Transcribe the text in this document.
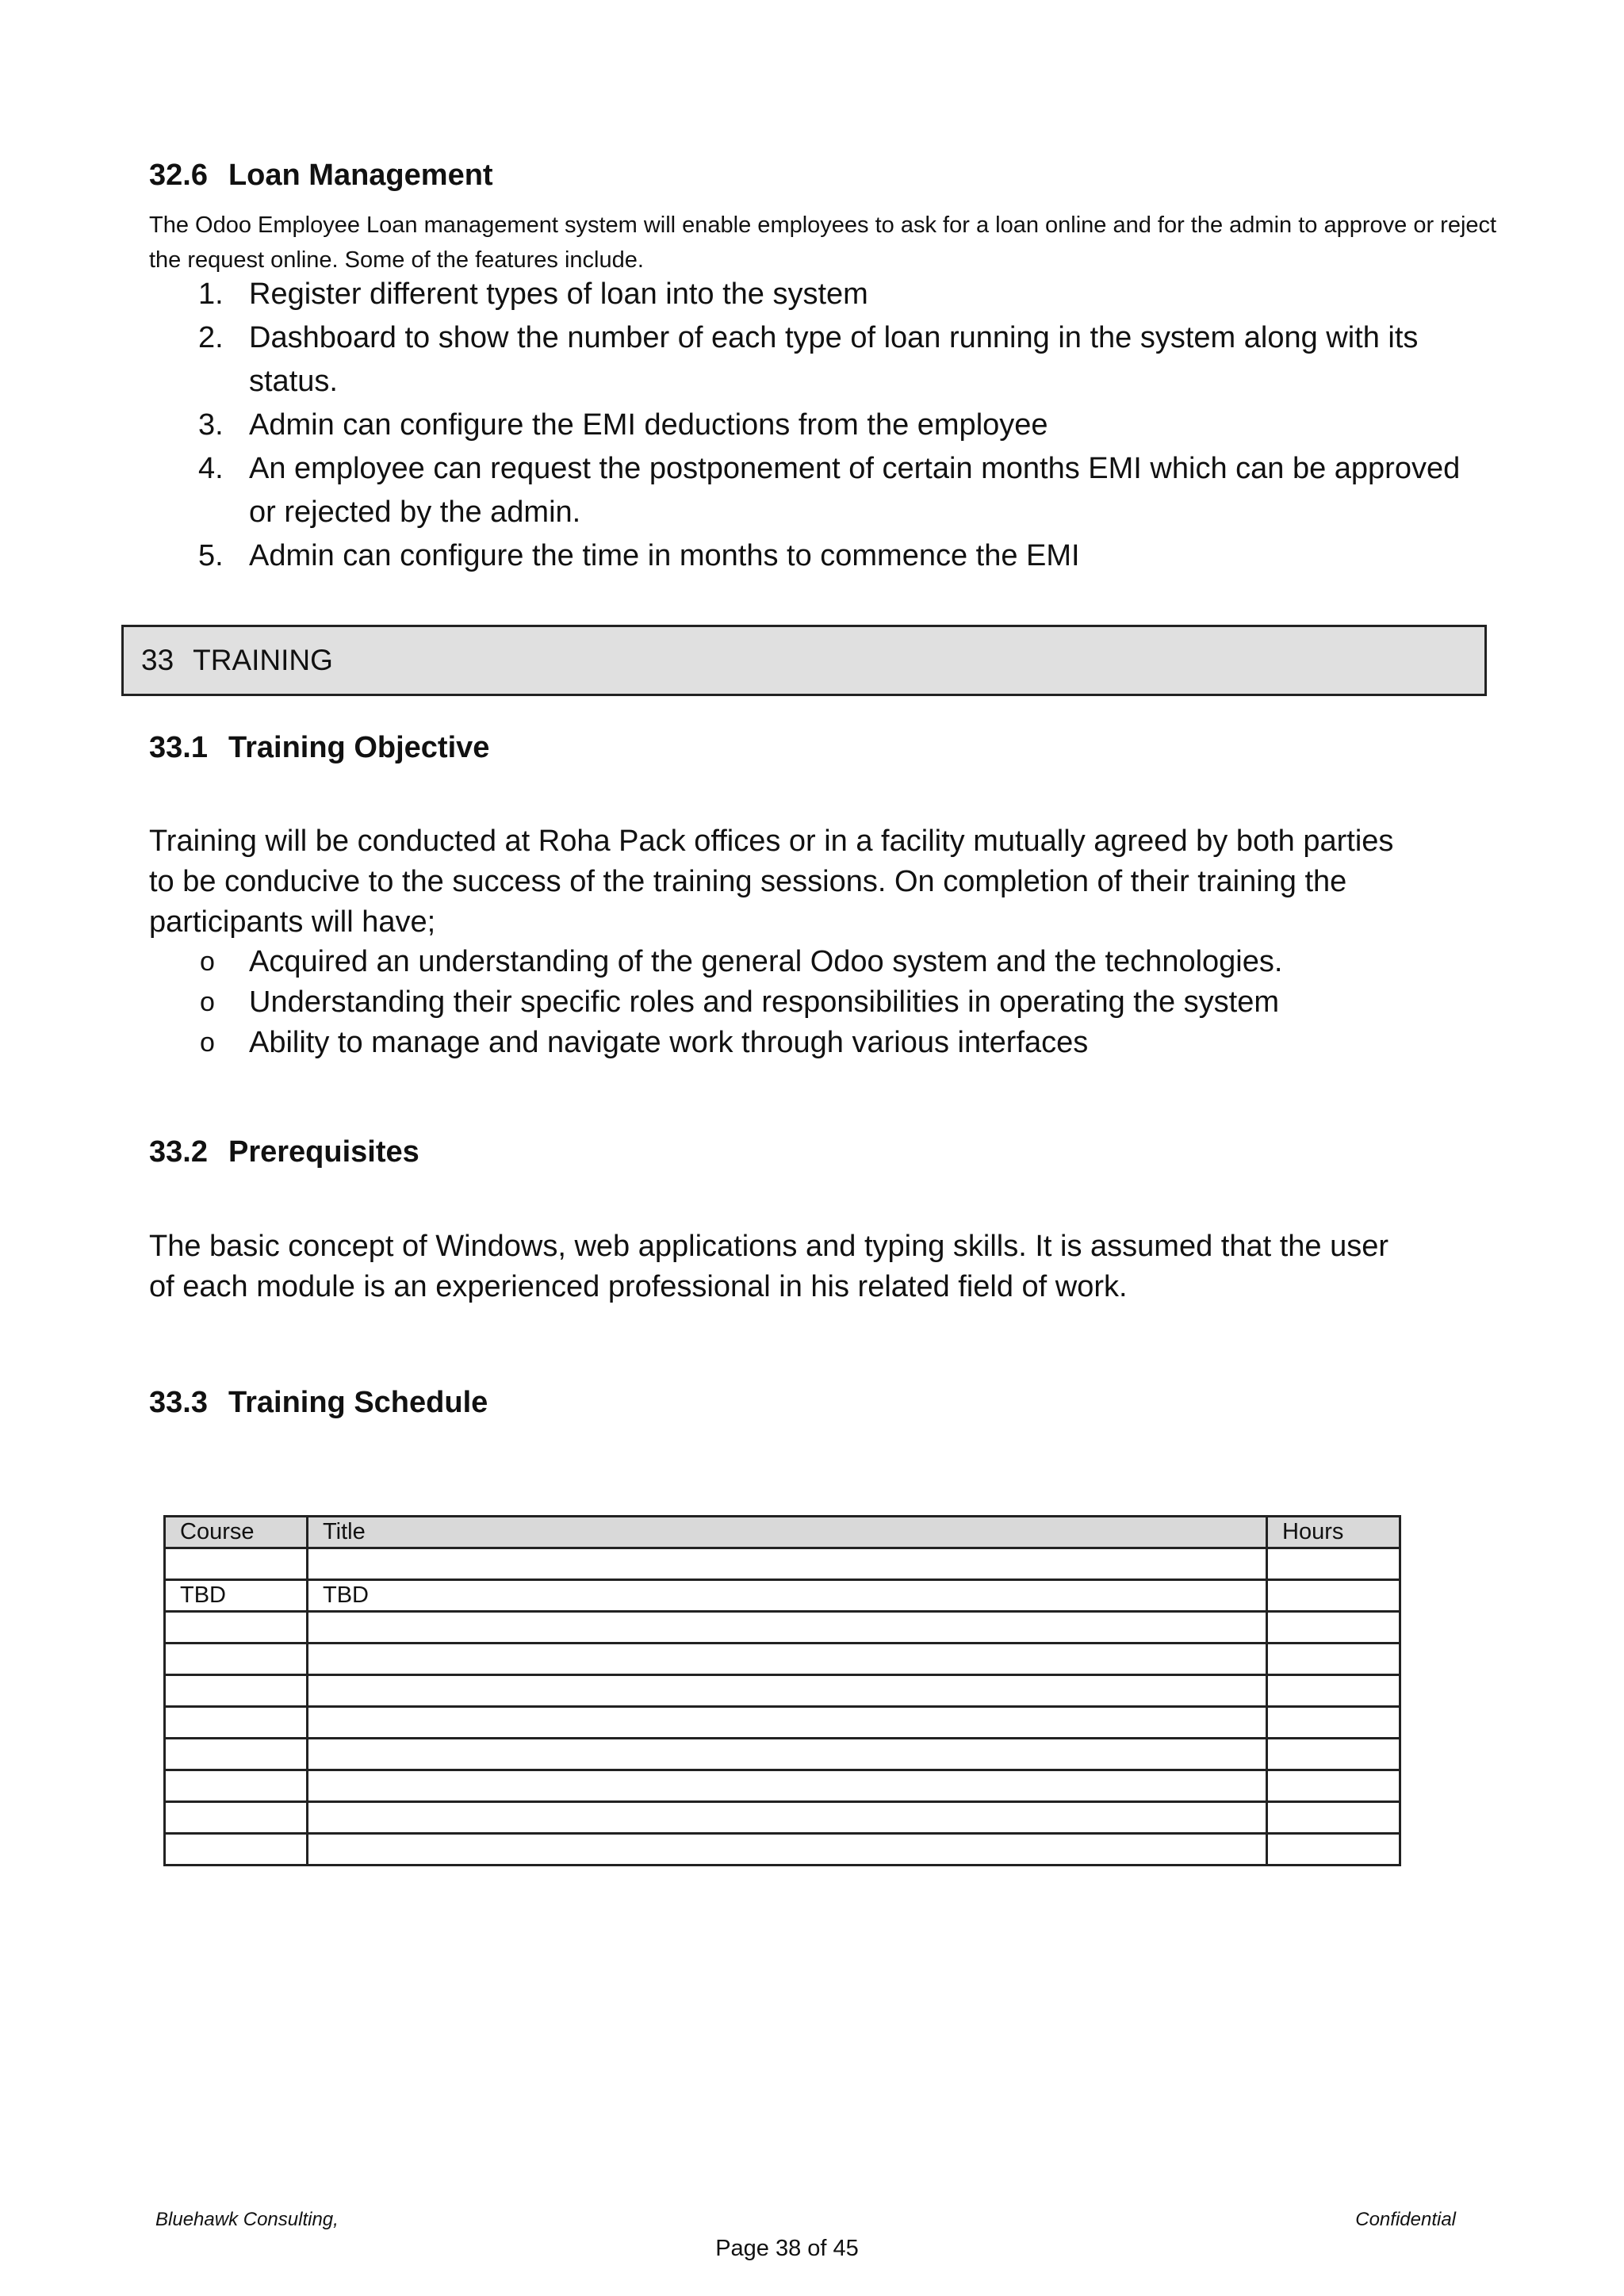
32.6 Loan Management
The Odoo Employee Loan management system will enable employees to ask for a loan online and for the admin to approve or reject the request online. Some of the features include.
1. Register different types of loan into the system
2. Dashboard to show the number of each type of loan running in the system along with its status.
3. Admin can configure the EMI deductions from the employee
4. An employee can request the postponement of certain months EMI which can be approved or rejected by the admin.
5. Admin can configure the time in months to commence the EMI
33 TRAINING
33.1 Training Objective
Training will be conducted at Roha Pack offices or in a facility mutually agreed by both parties to be conducive to the success of the training sessions. On completion of their training the participants will have;
o Acquired an understanding of the general Odoo system and the technologies.
o Understanding their specific roles and responsibilities in operating the system
o Ability to manage and navigate work through various interfaces
33.2 Prerequisites
The basic concept of Windows, web applications and typing skills. It is assumed that the user of each module is an experienced professional in his related field of work.
33.3 Training Schedule
Course	Title	Hours

TBD	TBD	

Bluehawk Consulting,	Confidential
Page 38 of 45
